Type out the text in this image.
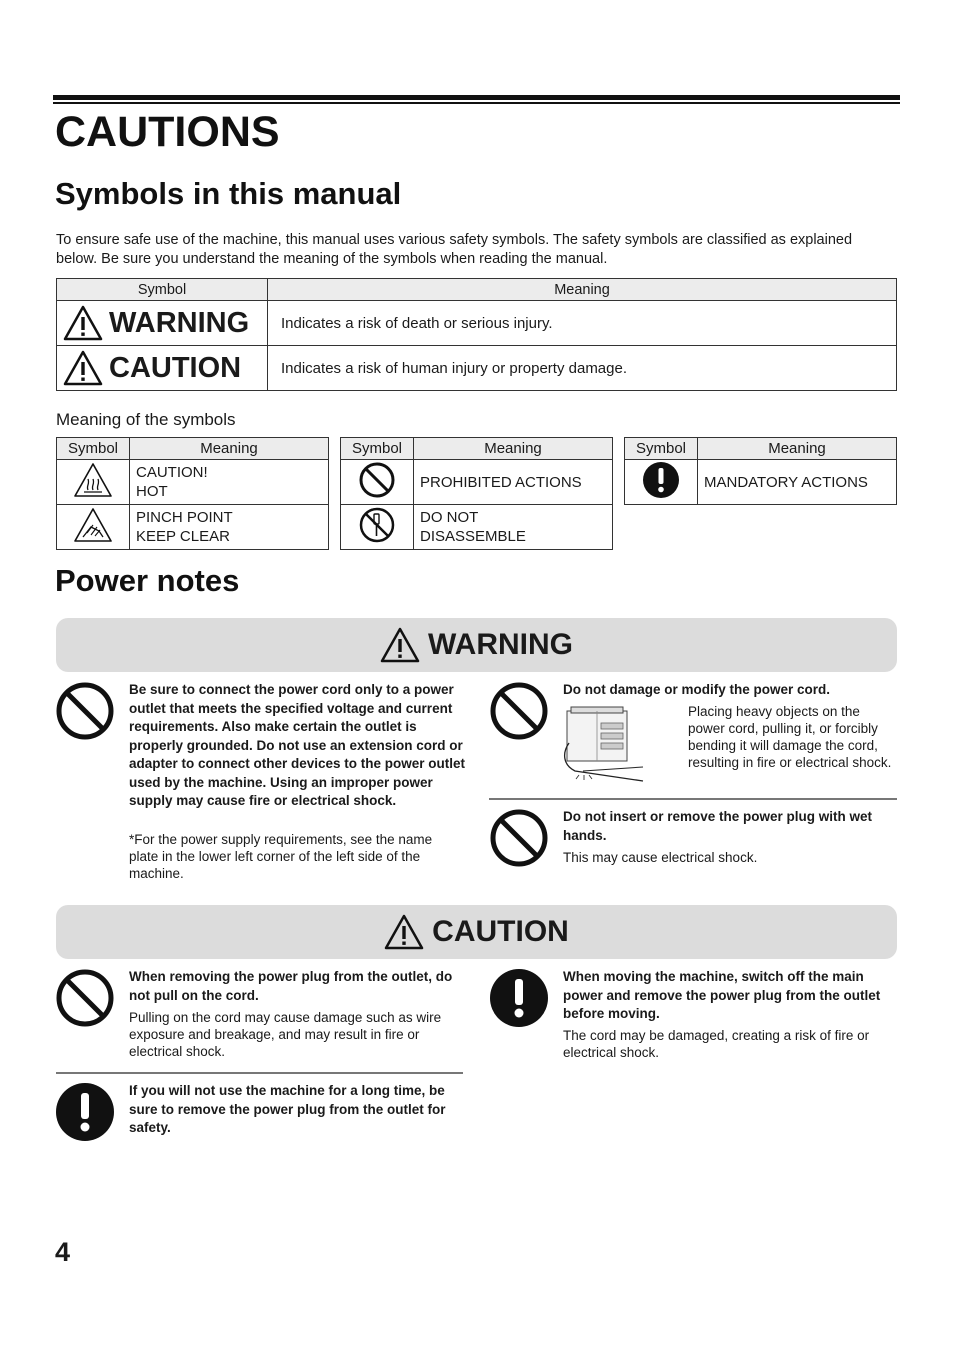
CAUTIONS
Symbols in this manual
To ensure safe use of the machine, this manual uses various safety symbols. The safety symbols are classified as explained below. Be sure you understand the meaning of the symbols when reading the manual.
Symbol	Meaning

WARNING	Indicates a risk of death or serious injury.

CAUTION	Indicates a risk of human injury or property damage.
Meaning of the symbols
Symbol	Meaning

CAUTION!
HOT

PINCH POINT
KEEP CLEAR
Symbol	Meaning
	PROHIBITED ACTIONS

DO NOT
DISASSEMBLE
Symbol	Meaning
	MANDATORY ACTIONS
Power notes
WARNING
Be sure to connect the power cord only to a power outlet that meets the specified voltage and current requirements. Also make certain the outlet is properly grounded. Do not use an extension cord or adapter to connect other devices to the power outlet used by the machine. Using an improper power supply may cause fire or electrical shock.
*For the power supply requirements, see the name plate in the lower left corner of the left side of the machine.
Do not damage or modify the power cord.
Placing heavy objects on the power cord, pulling it, or forcibly bending it will damage the cord, resulting in fire or electrical shock.
Do not insert or remove the power plug with wet hands.
This may cause electrical shock.
CAUTION
When removing the power plug from the outlet, do not pull on the cord.
Pulling on the cord may cause damage such as wire exposure and breakage, and may result in fire or electrical shock.
When moving the machine, switch off the main power and remove the power plug from the outlet before moving.
The cord may be damaged, creating a risk of fire or electrical shock.
If you will not use the machine for a long time, be sure to remove the power plug from the outlet for safety.
4
